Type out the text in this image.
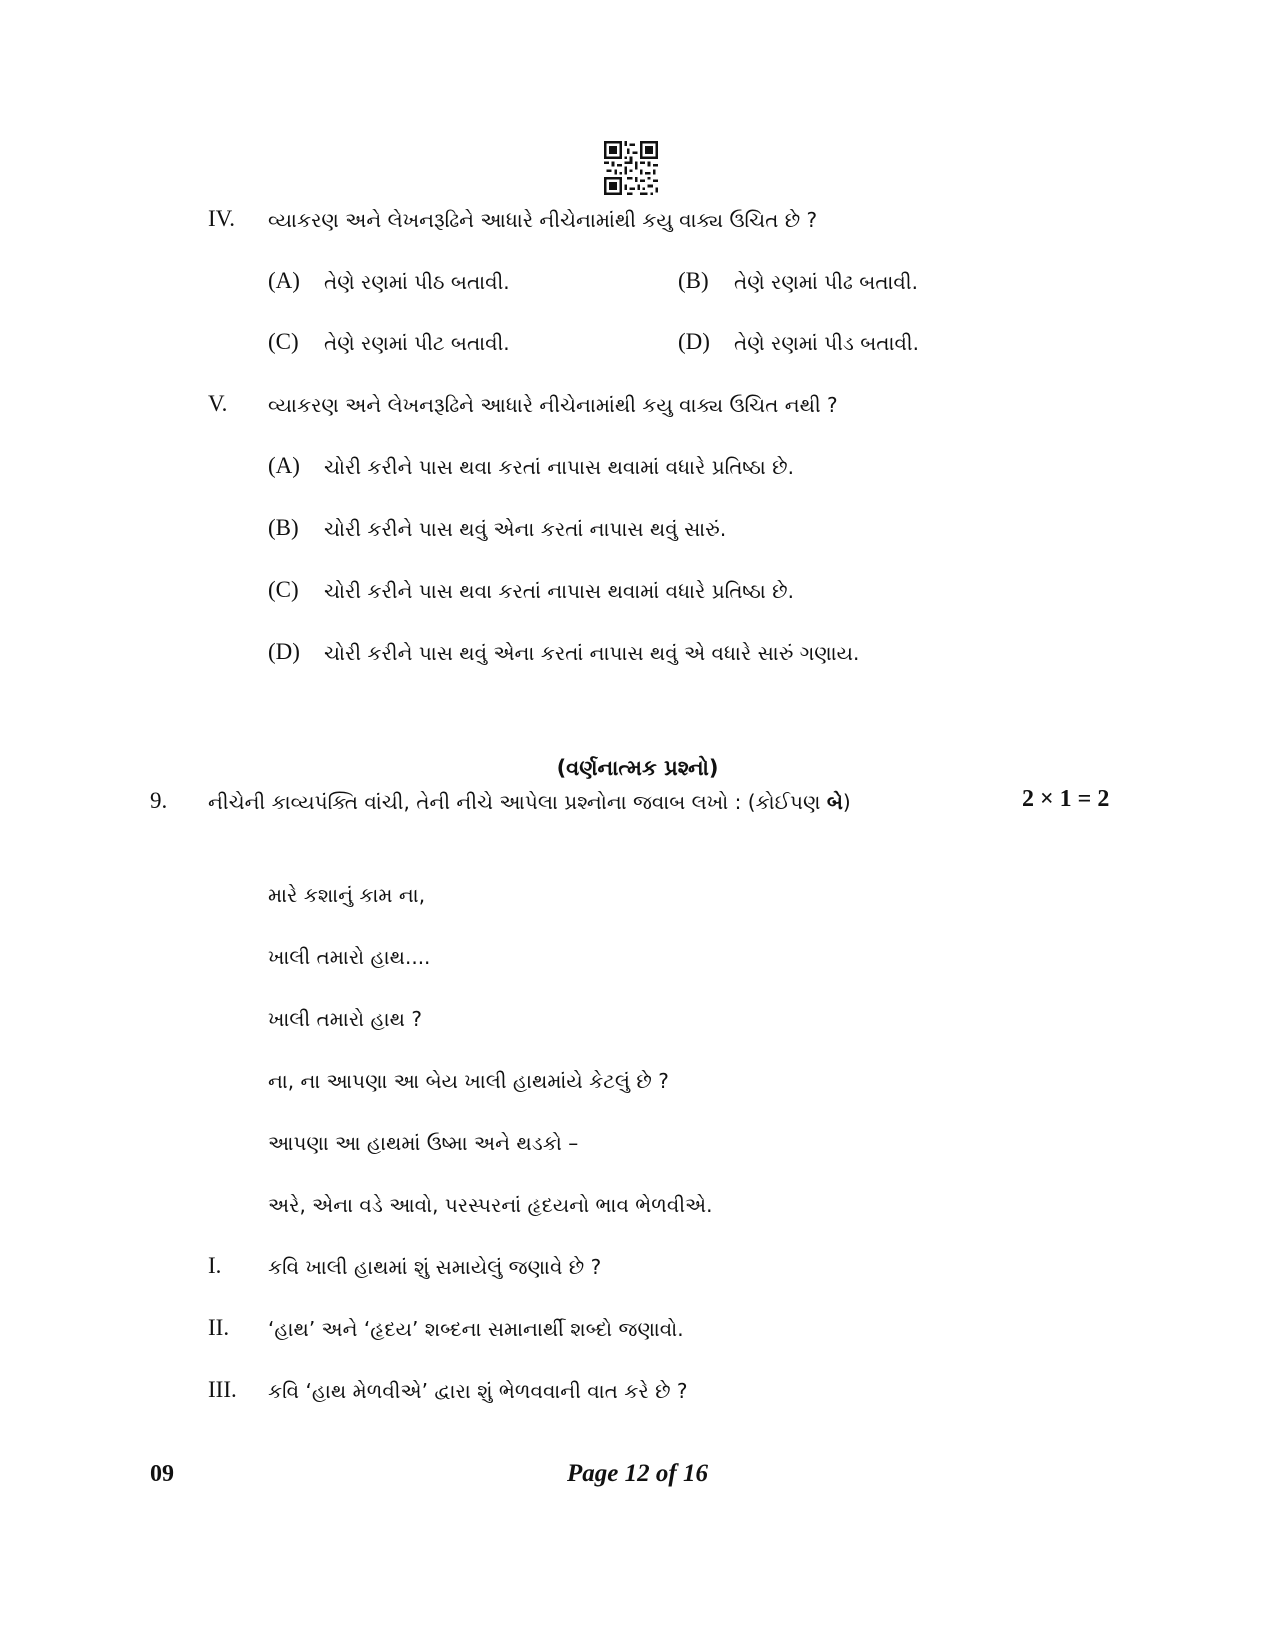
IV. વ્યાકરણ અને લેખનરૂઢિને આધારે નીચેનામાંથી કયુ વાક્ય ઉચિત છે ?
(A) તેણે રણમાં પીઠ બતાવી.	(B) તેણે રણમાં પીઢ બતાવી.
(C) તેણે રણમાં પીટ બતાવી.	(D) તેણે રણમાં પીડ બતાવી.
V. વ્યાકરણ અને લેખનરૂઢિને આધારે નીચેનામાંથી કયુ વાક્ય ઉચિત નથી ?
(A) ચોરી કરીને પાસ થવા કરતાં નાપાસ થવામાં વધારે પ્રતિષ્ઠા છે.
(B) ચોરી કરીને પાસ થવું એના કરતાં નાપાસ થવું સારું.
(C) ચોરી કરીને પાસ થવા કરતાં નાપાસ થવામાં વધારે પ્રતિષ્ઠા છે.
(D) ચોરી કરીને પાસ થવું એના કરતાં નાપાસ થવું એ વધારે સારું ગણાય.
(વર્ણનાત્મક પ્રશ્નો)
9. નીચેની કાવ્યપંક્તિ વાંચી, તેની નીચે આપેલા પ્રશ્નોના જવાબ લખો : (કોઈપણ બે)	2 × 1 = 2
મારે કશાનું કામ ના,
ખાલી તમારો હાથ....
ખાલી તમારો હાથ ?
ના, ના આપણા આ બેય ખાલી હાથમાંયે કેટલું છે ?
આપણા આ હાથમાં ઉષ્મા અને થડકો –
અરે, એના વડે આવો, પરસ્પરનાં હૃદયનો ભાવ ભેળવીએ.
I. કવિ ખાલી હાથમાં શું સમાયેલું જણાવે છે ?
II. ‘હાથ’ અને ‘હૃદય’ શબ્દના સમાનાર્થી શબ્દો જણાવો.
III. કવિ ‘હાથ મેળવીએ’ દ્વારા શું ભેળવવાની વાત કરે છે ?
09	Page 12 of 16
